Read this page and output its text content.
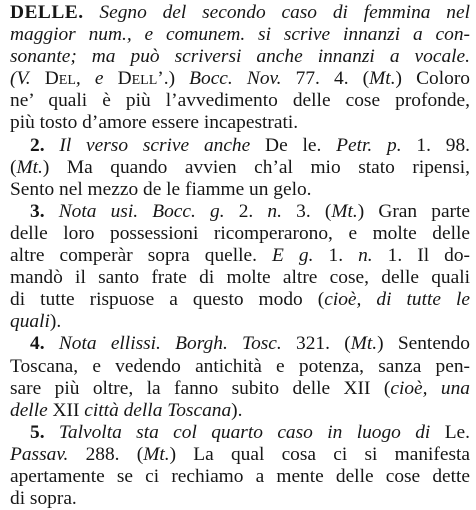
DELLE. Segno del secondo caso di femmina nel
maggior num., e comunem. si scrive innanzi a con-
sonante; ma può scriversi anche innanzi a vocale.
(V. Del, e Dell’.) Bocc. Nov. 77. 4. (Mt.) Coloro
ne’ quali è più l’avvedimento delle cose profonde,
più tosto d’amore essere incapestrati.
2. Il verso scrive anche De le. Petr. p. 1. 98.
(Mt.) Ma quando avvien ch’al mio stato ripensi,
Sento nel mezzo de le fiamme un gelo.
3. Nota usi. Bocc. g. 2. n. 3. (Mt.) Gran parte
delle loro possessioni ricomperarono, e molte delle
altre comperàr sopra quelle. E g. 1. n. 1. Il do-
mandò il santo frate di molte altre cose, delle quali
di tutte rispuose a questo modo (cioè, di tutte le
quali).
4. Nota ellissi. Borgh. Tosc. 321. (Mt.) Sentendo
Toscana, e vedendo antichità e potenza, sanza pen-
sare più oltre, la fanno subito delle XII (cioè, una
delle XII città della Toscana).
5. Talvolta sta col quarto caso in luogo di Le.
Passav. 288. (Mt.) La qual cosa ci si manifesta
apertamente se ci rechiamo a mente delle cose dette
di sopra.
